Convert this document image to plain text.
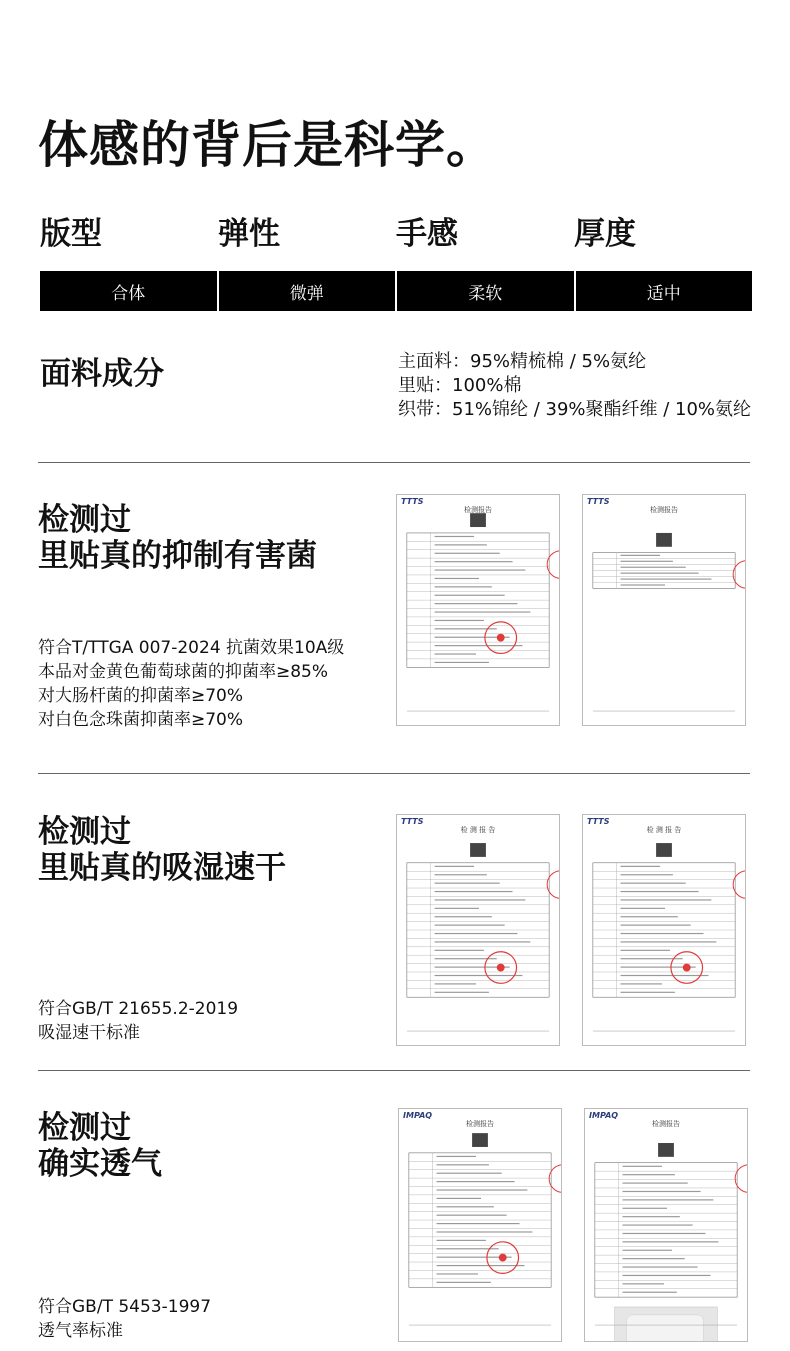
体感的背后是科学。
版型	弹性	手感	厚度
合体	微弹	柔软	适中
面料成分	主面料：95%精梳棉 / 5%氨纶
里贴：100%棉
织带：51%锦纶 / 39%聚酯纤维 / 10%氨纶
检测过
里贴真的抑制有害菌
符合T/TTGA 007-2024 抗菌效果10A级
本品对金黄色葡萄球菌的抑菌率≥85%
对大肠杆菌的抑菌率≥70%
对白色念珠菌抑菌率≥70%
TTTS
检测报告
TTTS
检测报告
检测过
里贴真的吸湿速干
符合GB/T 21655.2-2019
吸湿速干标准
TTTS
检 测 报 告
TTTS
检 测 报 告
检测过
确实透气
符合GB/T 5453-1997
透气率标准
IMPAQ
检测报告
IMPAQ
检测报告
